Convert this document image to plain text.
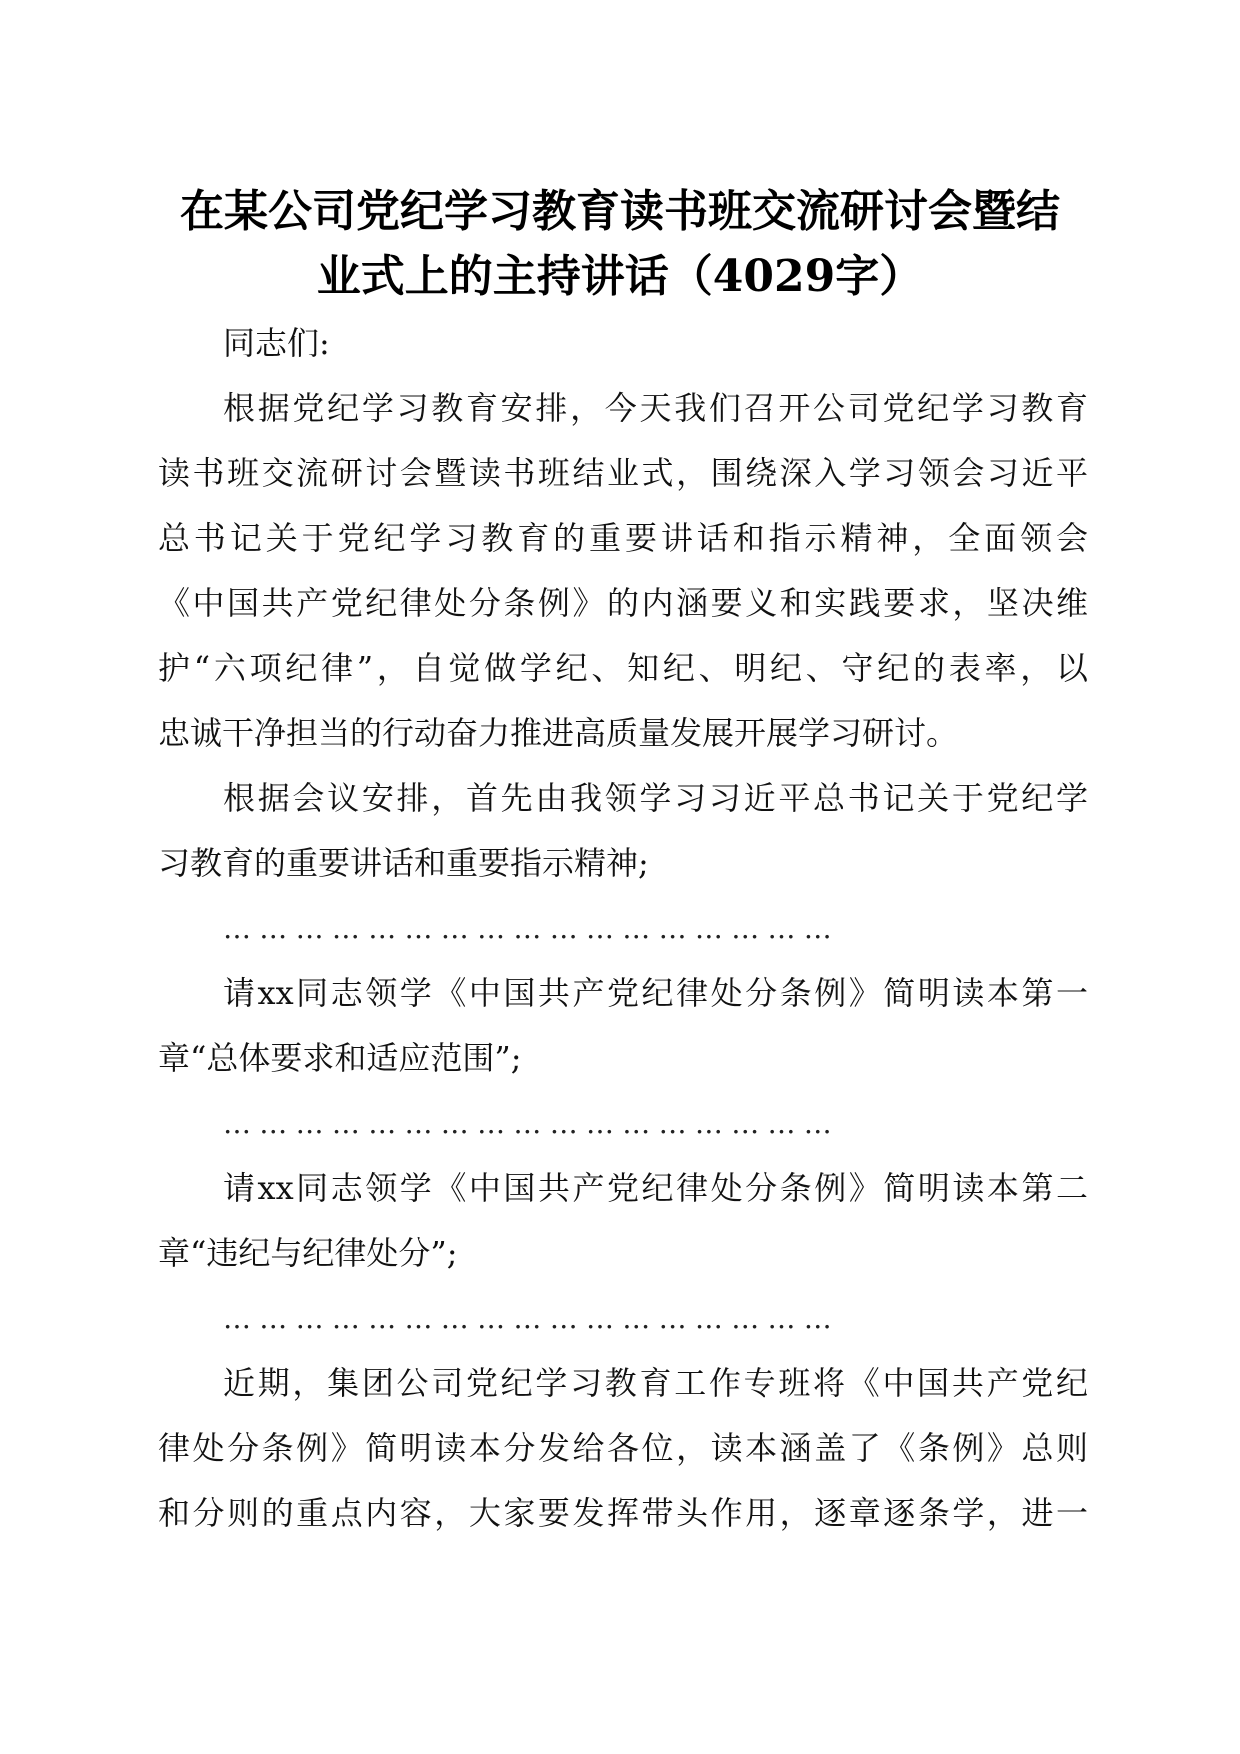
在某公司党纪学习教育读书班交流研讨会暨结
业式上的主持讲话（4029字）
同志们:
根据党纪学习教育安排，今天我们召开公司党纪学习教育
读书班交流研讨会暨读书班结业式，围绕深入学习领会习近平
总书记关于党纪学习教育的重要讲话和指示精神，全面领会
《中国共产党纪律处分条例》的内涵要义和实践要求，坚决维
护“六项纪律”，自觉做学纪、知纪、明纪、守纪的表率，以
忠诚干净担当的行动奋力推进高质量发展开展学习研讨。
根据会议安排，首先由我领学习习近平总书记关于党纪学
习教育的重要讲话和重要指示精神;
……………………………………………
请xx同志领学《中国共产党纪律处分条例》简明读本第一
章“总体要求和适应范围”;
……………………………………………
请xx同志领学《中国共产党纪律处分条例》简明读本第二
章“违纪与纪律处分”;
……………………………………………
近期，集团公司党纪学习教育工作专班将《中国共产党纪
律处分条例》简明读本分发给各位，读本涵盖了《条例》总则
和分则的重点内容，大家要发挥带头作用，逐章逐条学，进一
